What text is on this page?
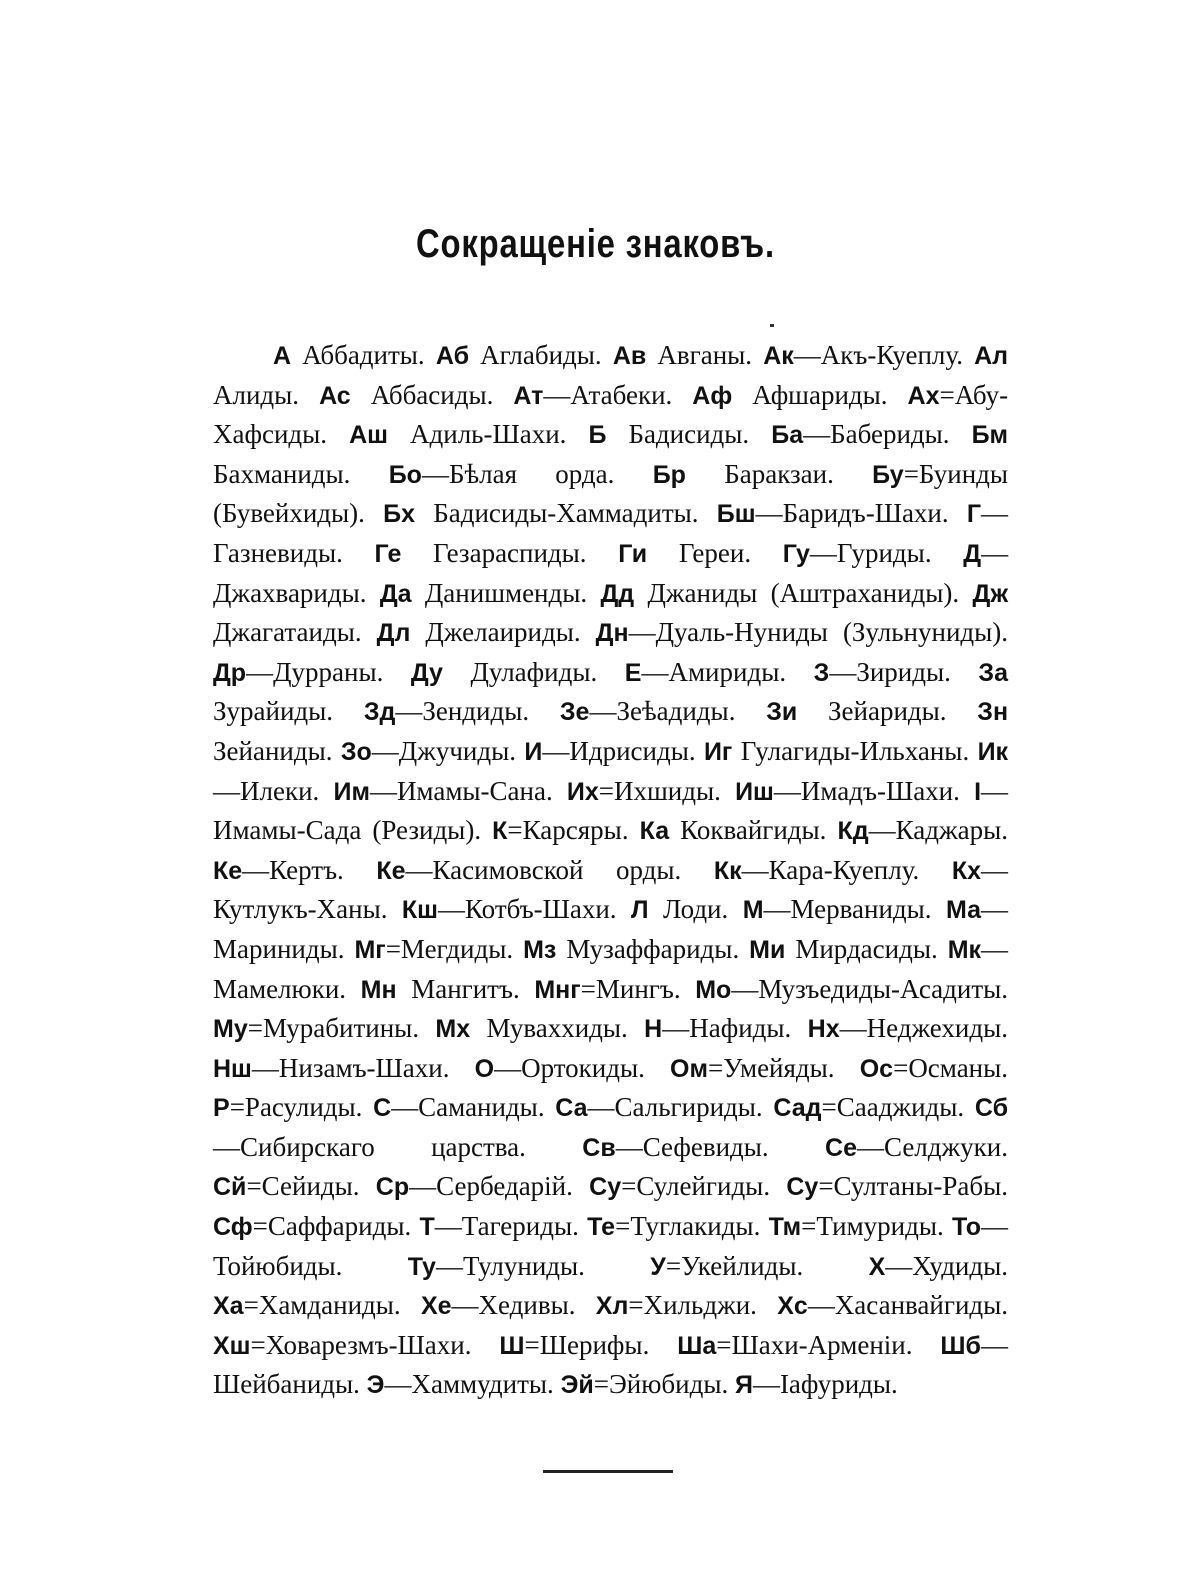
Сокращеніе знаковъ.

А Аббадиты. Аб Аглабиды. Ав Авганы. Ак—Акъ-Куеплу. Ал Алиды. Ас Аббасиды. Ат—Атабеки. Аф Афшариды. Ах=Абу-Хафсиды. Аш Адиль-Шахи. Б Бадисиды. Ба—Бабериды. Бм Бахманиды. Бо—Бѣлая орда. Бр Баракзаи. Бу=Буинды (Бувейхиды). Бх Бадисиды-Хаммадиты. Бш—Баридъ-Шахи. Г—Газневиды. Ге Гезараспиды. Ги Гереи. Гу—Гуриды. Д—Джахвариды. Да Данишменды. Дд Джаниды (Аштраханиды). Дж Джагатаиды. Дл Джелаириды. Дн—Дуаль-Нуниды (Зульнуниды). Др—Дурраны. Ду Дулафиды. Е—Амириды. З—Зириды. За Зурайиды. Зд—Зендиды. Зе—Зеѣадиды. Зи Зейариды. Зн Зейаниды. Зо—Джучиды. И—Идрисиды. Иг Гулагиды-Ильханы. Ик—Илеки. Им—Имамы-Сана. Их=Ихшиды. Иш—Имадъ-Шахи. І—Имамы-Сада (Резиды). К=Карсяры. Ка Коквайгиды. Кд—Каджары. Ке—Кертъ. Ке—Касимовской орды. Кк—Кара-Куеплу. Кх—Кутлукъ-Ханы. Кш—Котбъ-Шахи. Л Лоди. М—Мерваниды. Ма—Мариниды. Мг=Мегдиды. Мз Музаффариды. Ми Мирдасиды. Мк—Мамелюки. Мн Мангитъ. Мнг=Мингъ. Мо—Музъедиды-Асадиты. Му=Мурабитины. Мх Муваххиды. Н—Нафиды. Нх—Неджехиды. Нш—Низамъ-Шахи. О—Ортокиды. Ом=Умейяды. Ос=Османы. Р=Расулиды. С—Саманиды. Са—Сальгириды. Сад=Сааджиды. Сб—Сибирскаго царства. Св—Сефевиды. Се—Селджуки. Сй=Сейиды. Ср—Сербедарій. Су=Сулейгиды. Су=Султаны-Рабы. Сф=Саффариды. Т—Тагериды. Те=Туглакиды. Тм=Тимуриды. То—Тойюбиды.	Ту—Тулуниды.	У=Укейлиды.	Х—Худиды. Ха=Хамданиды. Хе—Хедивы. Хл=Хильджи. Хс—Хасанвайгиды. Хш=Ховарезмъ-Шахи. Ш=Шерифы. Ша=Шахи-Арменіи. Шб—Шейбаниды. Э—Хаммудиты. Эй=Эйюбиды. Я—Іафуриды.
